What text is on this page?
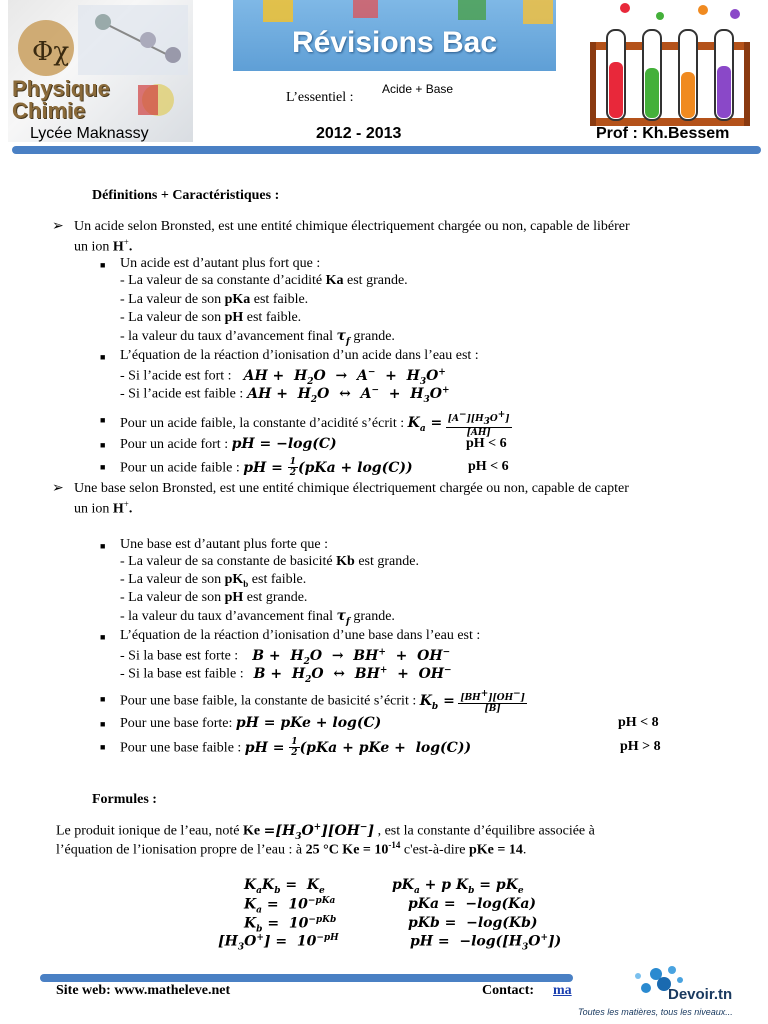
Φχ
Physique Chimie
Révisions Bac
L’essentiel :
Acide + Base
Lycée Maknassy	2012 - 2013	Prof : Kh.Bessem
Définitions + Caractéristiques :
➢ Un acide selon Bronsted, est une entité chimique électriquement chargée ou non, capable de libérer
un ion H+.
■ Un acide est d’autant plus fort que :
- La valeur de sa constante d’acidité Ka est grande.
- La valeur de son pKa est faible.
- La valeur de son pH est faible.
- la valeur du taux d’avancement final $\tau_f$ grande.
■ L’équation de la réaction d’ionisation d’un acide dans l’eau est :
- Si l’acide est fort : AH +  $H_2O \to A^- + H_3O^+$
- Si l’acide est faible : AH +  $H_2O$  ↔  $A^- + H_3O^+$
■ Pour un acide faible, la constante d’acidité s’écrit : $K_a = \frac{[A^-][H_3O^+]}{[AH]}$
■ Pour un acide fort : pH = −log(C)	pH < 6
■ Pour un acide faible : pH = $\frac{1}{2}(pKa + \log(C))$	pH < 6
➢ Une base selon Bronsted, est une entité chimique électriquement chargée ou non, capable de capter
un ion H+.
■ Une base est d’autant plus forte que :
- La valeur de sa constante de basicité Kb est grande.
- La valeur de son $pK_b$ est faible.
- La valeur de son pH est grande.
- la valeur du taux d’avancement final $\tau_f$ grande.
■ L’équation de la réaction d’ionisation d’une base dans l’eau est :
- Si la base est forte : $B + H_2O \to BH^+ + OH^-$
- Si la base est faible : $B + H_2O$  ↔  BH+  +  OH−
■ Pour une base faible, la constante de basicité s’écrit : $K_b = \frac{[BH^+][OH^-]}{[B]}$
■ Pour une base forte: pH = pKe + log(C)	pH < 8
■ Pour une base faible : pH = $\frac{1}{2}(pKa$ + pKe +  log(C))	pH > 8
Formules :
Le produit ionique de l’eau, noté $Ke =[H_3O^+][OH^-]$ , est la constante d’équilibre associée à
l’équation de l’ionisation propre de l’eau : à 25 °C $Ke = 10^{-14}$ c'est-à-dire pKe = 14.
$K_aK_b = K_e$	$pK_a + p$ $K_b = pK_e$
$K_a = 10^{-pKa}$	pKa =  −log(Ka)
$K_b = 10^{-pKb}$	pKb =  −log(Kb)
$[H_3O^+] = 10^{-pH}$	pH =  $-\log([H_3O^+])$
Site web: www.matheleve.net	Contact: ma	Devoir.tn
Toutes les matières, tous les niveaux...
